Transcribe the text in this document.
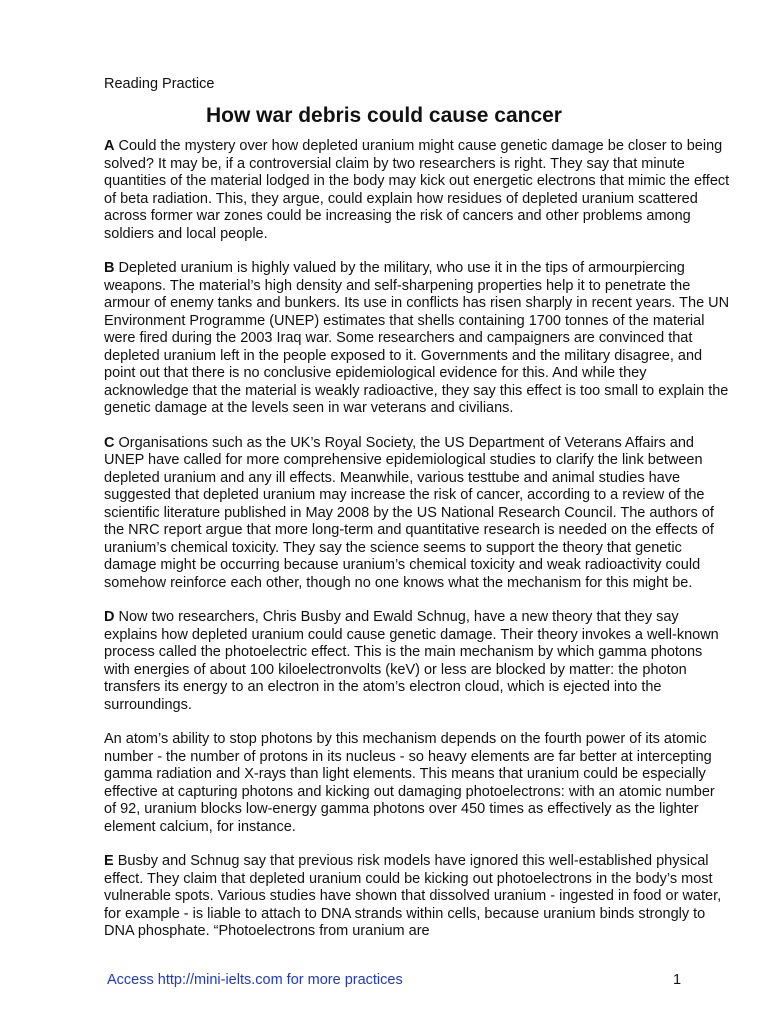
Reading Practice
How war debris could cause cancer

A Could the mystery over how depleted uranium might cause genetic damage be closer to being solved? It may be, if a controversial claim by two researchers is right. They say that minute quantities of the material lodged in the body may kick out energetic electrons that mimic the effect of beta radiation. This, they argue, could explain how residues of depleted uranium scattered across former war zones could be increasing the risk of cancers and other problems among soldiers and local people.

B Depleted uranium is highly valued by the military, who use it in the tips of armourpiercing weapons. The material’s high density and self-sharpening properties help it to penetrate the armour of enemy tanks and bunkers. Its use in conflicts has risen sharply in recent years. The UN Environment Programme (UNEP) estimates that shells containing 1700 tonnes of the material were fired during the 2003 Iraq war. Some researchers and campaigners are convinced that depleted uranium left in the people exposed to it. Governments and the military disagree, and point out that there is no conclusive epidemiological evidence for this. And while they acknowledge that the material is weakly radioactive, they say this effect is too small to explain the genetic damage at the levels seen in war veterans and civilians.

C Organisations such as the UK’s Royal Society, the US Department of Veterans Affairs and UNEP have called for more comprehensive epidemiological studies to clarify the link between depleted uranium and any ill effects. Meanwhile, various testtube and animal studies have suggested that depleted uranium may increase the risk of cancer, according to a review of the scientific literature published in May 2008 by the US National Research Council. The authors of the NRC report argue that more long-term and quantitative research is needed on the effects of uranium’s chemical toxicity. They say the science seems to support the theory that genetic damage might be occurring because uranium’s chemical toxicity and weak radioactivity could somehow reinforce each other, though no one knows what the mechanism for this might be.

D Now two researchers, Chris Busby and Ewald Schnug, have a new theory that they say explains how depleted uranium could cause genetic damage. Their theory invokes a well-known process called the photoelectric effect. This is the main mechanism by which gamma photons with energies of about 100 kiloelectronvolts (keV) or less are blocked by matter: the photon transfers its energy to an electron in the atom’s electron cloud, which is ejected into the surroundings.

An atom’s ability to stop photons by this mechanism depends on the fourth power of its atomic number - the number of protons in its nucleus - so heavy elements are far better at intercepting gamma radiation and X-rays than light elements. This means that uranium could be especially effective at capturing photons and kicking out damaging photoelectrons: with an atomic number of 92, uranium blocks low-energy gamma photons over 450 times as effectively as the lighter element calcium, for instance.

E Busby and Schnug say that previous risk models have ignored this well-established physical effect. They claim that depleted uranium could be kicking out photoelectrons in the body’s most vulnerable spots. Various studies have shown that dissolved uranium - ingested in food or water, for example - is liable to attach to DNA strands within cells, because uranium binds strongly to DNA phosphate. “Photoelectrons from uranium are

Access http://mini-ielts.com for more practices	1
